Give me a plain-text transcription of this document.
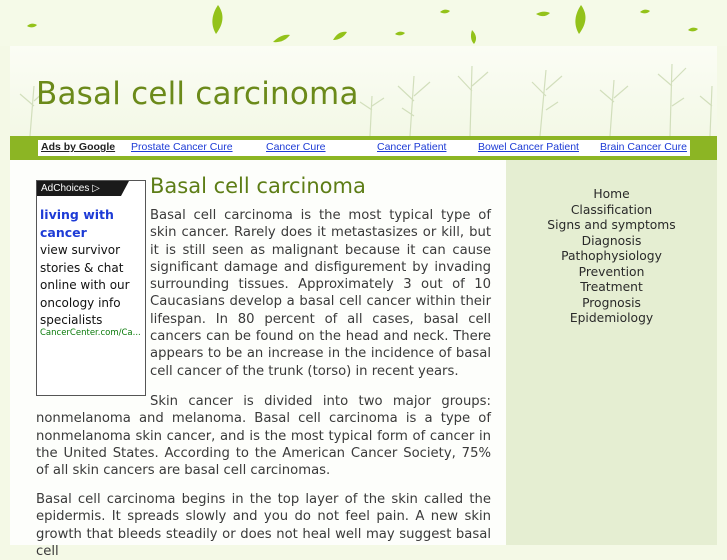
Basal cell carcinoma
Ads by Google Prostate Cancer Cure	Cancer Cure	Cancer Patient	Bowel Cancer Patient Brain Cancer Cure
AdChoices ▷
living with cancer
view survivor stories & chat online with our oncology info specialists
CancerCenter.com/Ca...
Basal cell carcinoma
Basal cell carcinoma is the most typical type of skin cancer. Rarely does it metastasizes or kill, but it is still seen as malignant because it can cause significant damage and disfigurement by invading surrounding tissues. Approximately 3 out of 10 Caucasians develop a basal cell cancer within their lifespan. In 80 percent of all cases, basal cell cancers can be found on the head and neck. There appears to be an increase in the incidence of basal cell cancer of the trunk (torso) in recent years.
Skin cancer is divided into two major groups: nonmelanoma and melanoma. Basal cell carcinoma is a type of nonmelanoma skin cancer, and is the most typical form of cancer in the United States. According to the American Cancer Society, 75% of all skin cancers are basal cell carcinomas.
Basal cell carcinoma begins in the top layer of the skin called the epidermis. It spreads slowly and you do not feel pain. A new skin growth that bleeds steadily or does not heal well may suggest basal cell
Home
Classification
Signs and symptoms
Diagnosis
Pathophysiology
Prevention
Treatment
Prognosis
Epidemiology
